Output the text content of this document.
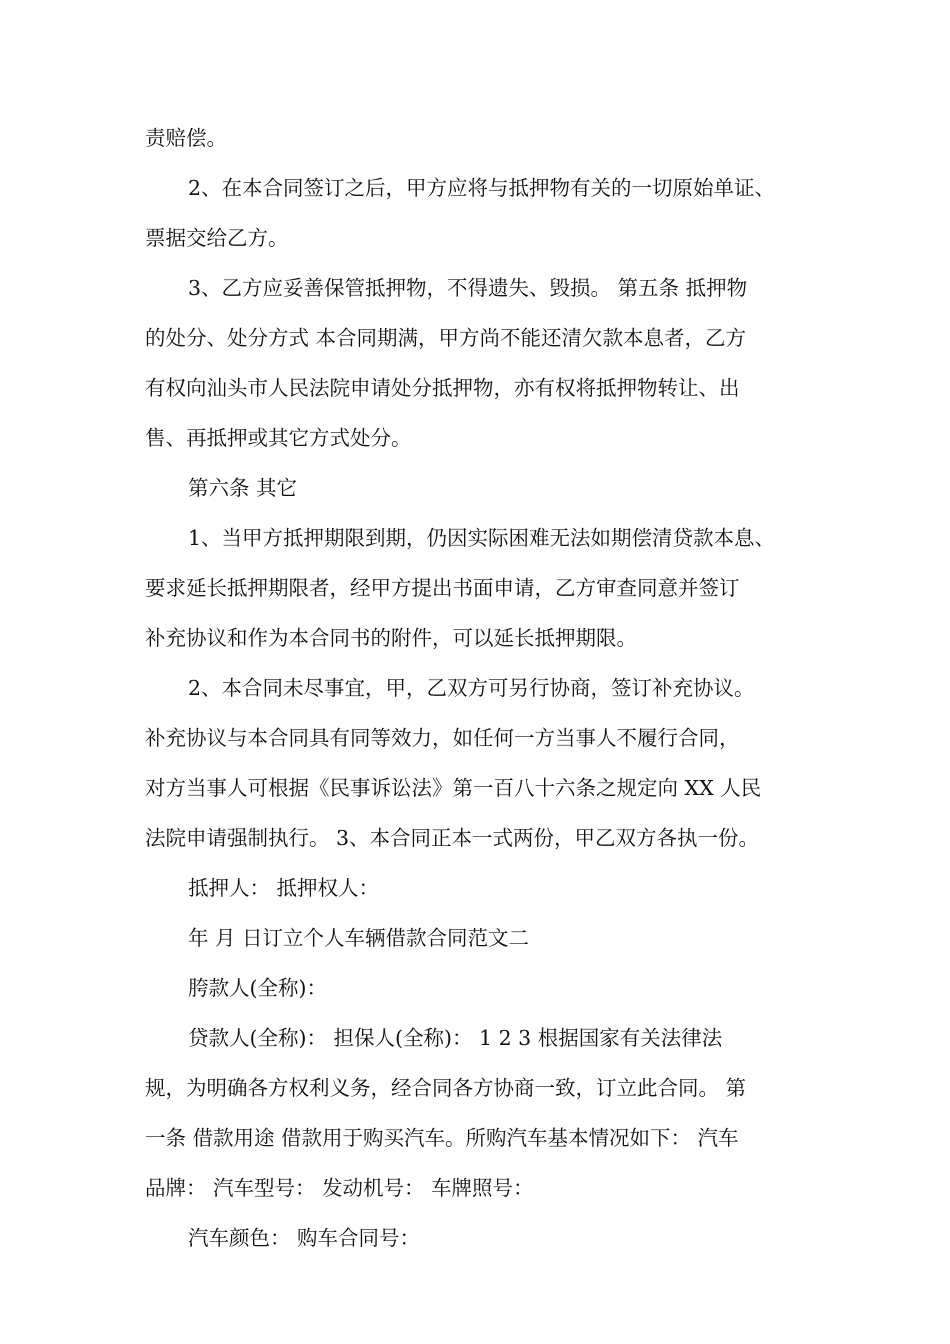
责赔偿。
2、在本合同签订之后，甲方应将与抵押物有关的一切原始单证、
票据交给乙方。
3、乙方应妥善保管抵押物，不得遗失、毁损。 第五条 抵押物
的处分、处分方式 本合同期满，甲方尚不能还清欠款本息者，乙方
有权向汕头市人民法院申请处分抵押物，亦有权将抵押物转让、出
售、再抵押或其它方式处分。
第六条 其它
1、当甲方抵押期限到期，仍因实际困难无法如期偿清贷款本息、
要求延长抵押期限者，经甲方提出书面申请，乙方审查同意并签订
补充协议和作为本合同书的附件，可以延长抵押期限。
2、本合同未尽事宜，甲，乙双方可另行协商，签订补充协议。
补充协议与本合同具有同等效力，如任何一方当事人不履行合同，
对方当事人可根据《民事诉讼法》第一百八十六条之规定向 XX 人民
法院申请强制执行。 3、本合同正本一式两份，甲乙双方各执一份。
抵押人： 抵押权人：
年 月 日订立个人车辆借款合同范文二
胯款人(全称)：
贷款人(全称)： 担保人(全称)： 1 2 3 根据国家有关法律法
规，为明确各方权利义务，经合同各方协商一致，订立此合同。 第
一条 借款用途 借款用于购买汽车。所购汽车基本情况如下： 汽车
品牌： 汽车型号： 发动机号： 车牌照号：
汽车颜色： 购车合同号：
